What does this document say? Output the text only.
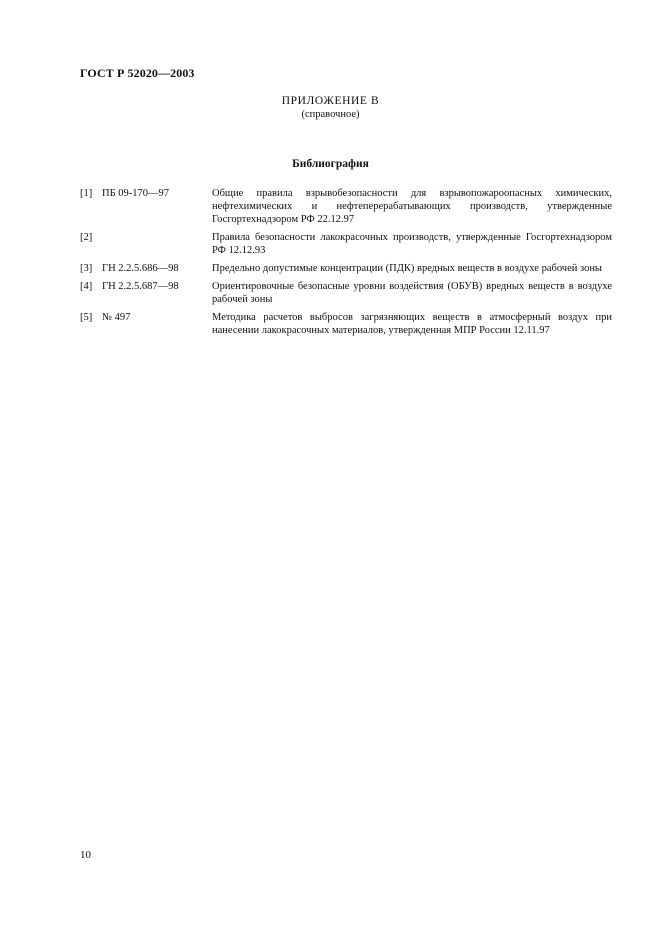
ГОСТ Р 52020—2003
ПРИЛОЖЕНИЕ В
(справочное)
Библиография
[1] ПБ 09-170—97	Общие правила взрывобезопасности для взрывопожароопасных химических, нефтехимических и нефтеперерабатывающих производств, утвержденные Госгортехнадзором РФ 22.12.97
[2]	Правила безопасности лакокрасочных производств, утвержденные Госгортехнадзором РФ 12.12.93
[3] ГН 2.2.5.686—98	Предельно допустимые концентрации (ПДК) вредных веществ в воздухе рабочей зоны
[4] ГН 2.2.5.687—98	Ориентировочные безопасные уровни воздействия (ОБУВ) вредных веществ в воздухе рабочей зоны
[5] № 497	Методика расчетов выбросов загрязняющих веществ в атмосферный воздух при нанесении лакокрасочных материалов, утвержденная МПР России 12.11.97
10
